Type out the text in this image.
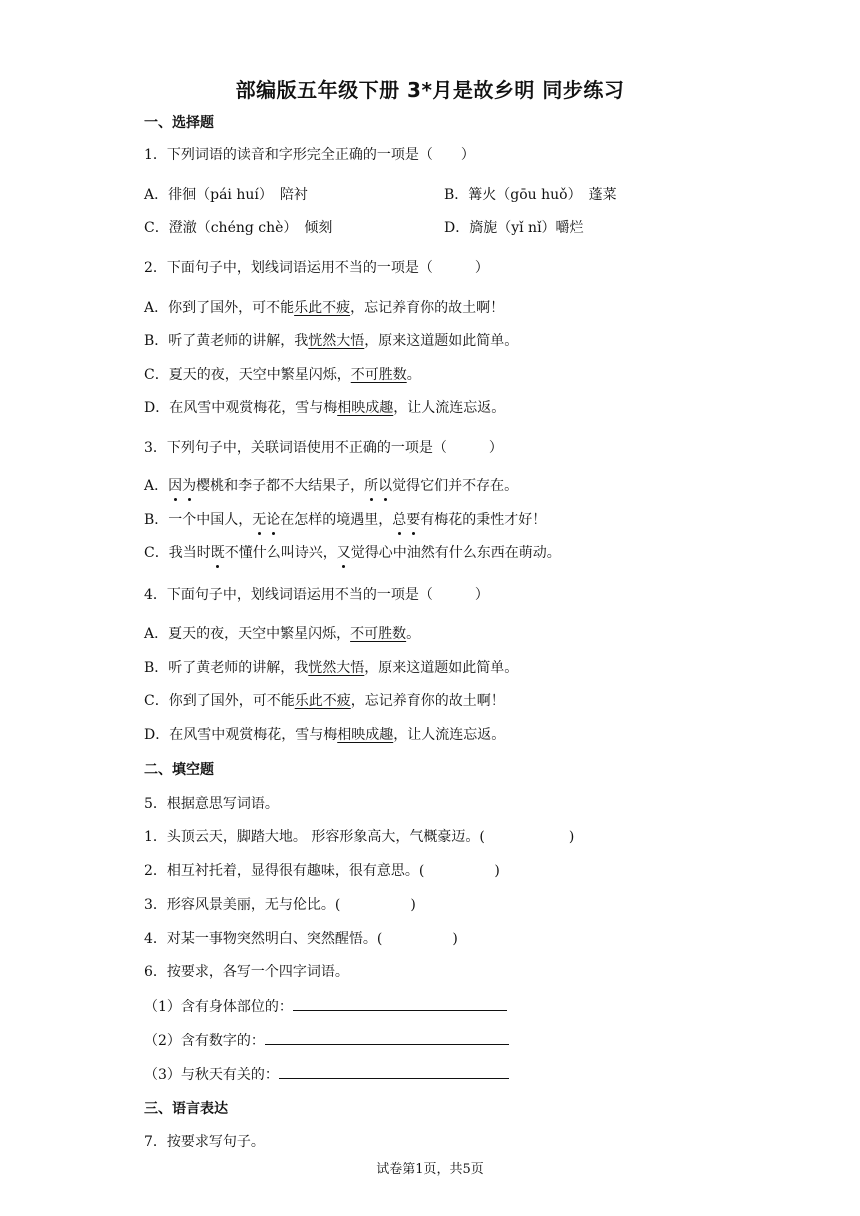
部编版五年级下册 3*月是故乡明 同步练习
一、选择题
1．下列词语的读音和字形完全正确的一项是（　　）
A．徘徊（pái huí）　陪衬	B．篝火（gōu huǒ）　蓬菜
C．澄澈（chéng chè）　倾刻	D．旖旎（yǐ nǐ）嚼烂
2．下面句子中，划线词语运用不当的一项是（　　　）
A．你到了国外，可不能乐此不疲，忘记养育你的故土啊！
B．听了黄老师的讲解，我恍然大悟，原来这道题如此简单。
C．夏天的夜，天空中繁星闪烁，不可胜数。
D．在风雪中观赏梅花，雪与梅相映成趣，让人流连忘返。
3．下列句子中，关联词语使用不正确的一项是（　　　）
A．因为樱桃和李子都不大结果子，所以觉得它们并不存在。
B．一个中国人，无论在怎样的境遇里，总要有梅花的秉性才好！
C．我当时既不懂什么叫诗兴，又觉得心中油然有什么东西在萌动。
4．下面句子中，划线词语运用不当的一项是（　　　）
A．夏天的夜，天空中繁星闪烁，不可胜数。
B．听了黄老师的讲解，我恍然大悟，原来这道题如此简单。
C．你到了国外，可不能乐此不疲，忘记养育你的故土啊！
D．在风雪中观赏梅花，雪与梅相映成趣，让人流连忘返。
二、填空题
5．根据意思写词语。
1．头顶云天，脚踏大地。 形容形象高大，气概豪迈。(　　　　　　)
2．相互衬托着，显得很有趣味，很有意思。(　　　　　)
3．形容风景美丽，无与伦比。(　　　　　)
4．对某一事物突然明白、突然醒悟。(　　　　　)
6．按要求，各写一个四字词语。
（1）含有身体部位的：
（2）含有数字的：
（3）与秋天有关的：
三、语言表达
7．按要求写句子。
试卷第1页，共5页
